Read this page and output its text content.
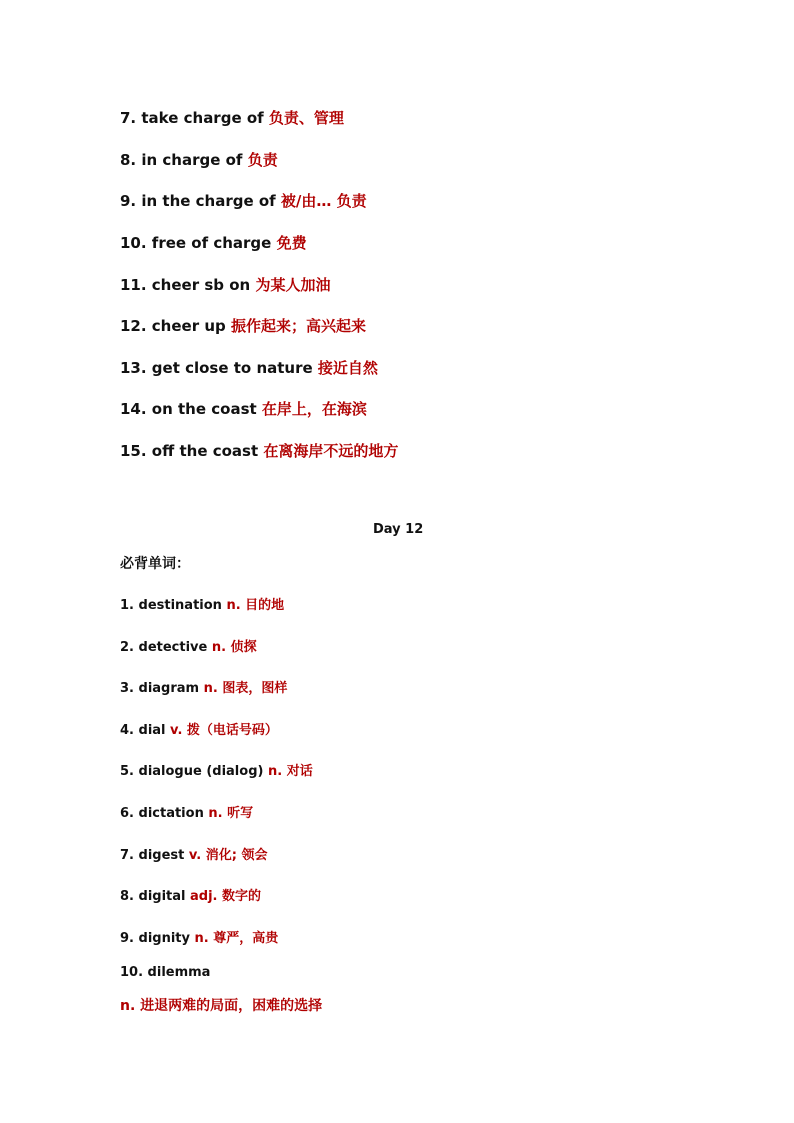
7. take charge of 负责、管理
8. in charge of 负责
9. in the charge of 被/由… 负责
10. free of charge 免费
11. cheer sb on 为某人加油
12. cheer up 振作起来；高兴起来
13. get close to nature 接近自然
14. on the coast 在岸上，在海滨
15. off the coast 在离海岸不远的地方
Day 12
必背单词：
1. destination n. 目的地
2. detective n. 侦探
3. diagram n. 图表，图样
4. dial v. 拨（电话号码）
5. dialogue (dialog) n. 对话
6. dictation n. 听写
7. digest v. 消化; 领会
8. digital adj. 数字的
9. dignity n. 尊严，高贵
10. dilemma
n. 进退两难的局面，困难的选择
